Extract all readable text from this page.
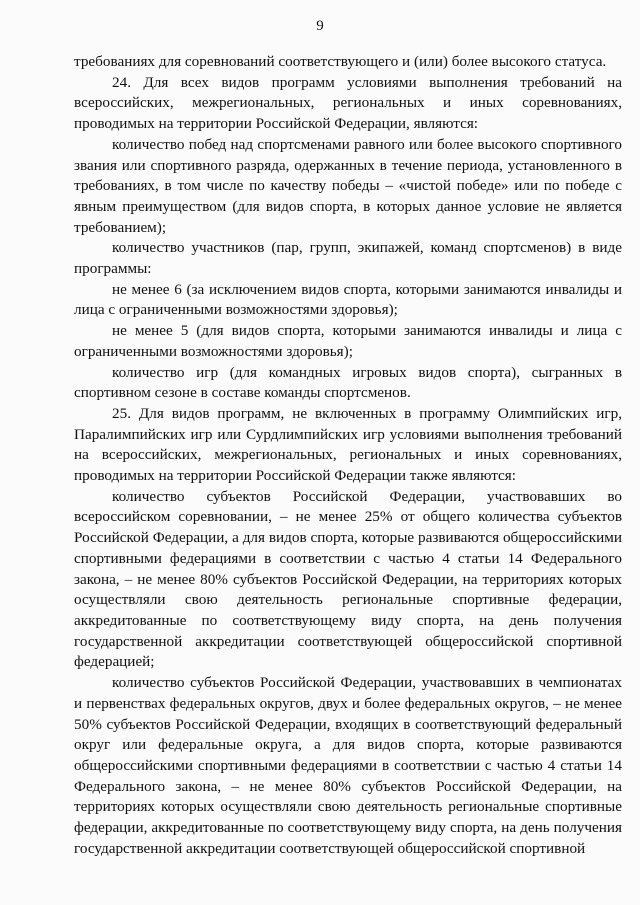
9

требованиях для соревнований соответствующего и (или) более высокого статуса.

24. Для всех видов программ условиями выполнения требований на всероссийских, межрегиональных, региональных и иных соревнованиях, проводимых на территории Российской Федерации, являются:

количество побед над спортсменами равного или более высокого спортивного звания или спортивного разряда, одержанных в течение периода, установленного в требованиях, в том числе по качеству победы – «чистой победе» или по победе с явным преимуществом (для видов спорта, в которых данное условие не является требованием);

количество участников (пар, групп, экипажей, команд спортсменов) в виде программы:

не менее 6 (за исключением видов спорта, которыми занимаются инвалиды и лица с ограниченными возможностями здоровья);

не менее 5 (для видов спорта, которыми занимаются инвалиды и лица с ограниченными возможностями здоровья);

количество игр (для командных игровых видов спорта), сыгранных в спортивном сезоне в составе команды спортсменов.

25. Для видов программ, не включенных в программу Олимпийских игр, Паралимпийских игр или Сурдлимпийских игр условиями выполнения требований на всероссийских, межрегиональных, региональных и иных соревнованиях, проводимых на территории Российской Федерации также являются:

количество субъектов Российской Федерации, участвовавших во всероссийском соревновании, – не менее 25% от общего количества субъектов Российской Федерации, а для видов спорта, которые развиваются общероссийскими спортивными федерациями в соответствии с частью 4 статьи 14 Федерального закона, – не менее 80% субъектов Российской Федерации, на территориях которых осуществляли свою деятельность региональные спортивные федерации, аккредитованные по соответствующему виду спорта, на день получения государственной аккредитации соответствующей общероссийской спортивной федерацией;

количество субъектов Российской Федерации, участвовавших в чемпионатах и первенствах федеральных округов, двух и более федеральных округов, – не менее 50% субъектов Российской Федерации, входящих в соответствующий федеральный округ или федеральные округа, а для видов спорта, которые развиваются общероссийскими спортивными федерациями в соответствии с частью 4 статьи 14 Федерального закона, – не менее 80% субъектов Российской Федерации, на территориях которых осуществляли свою деятельность региональные спортивные федерации, аккредитованные по соответствующему виду спорта, на день получения государственной аккредитации соответствующей общероссийской спортивной
